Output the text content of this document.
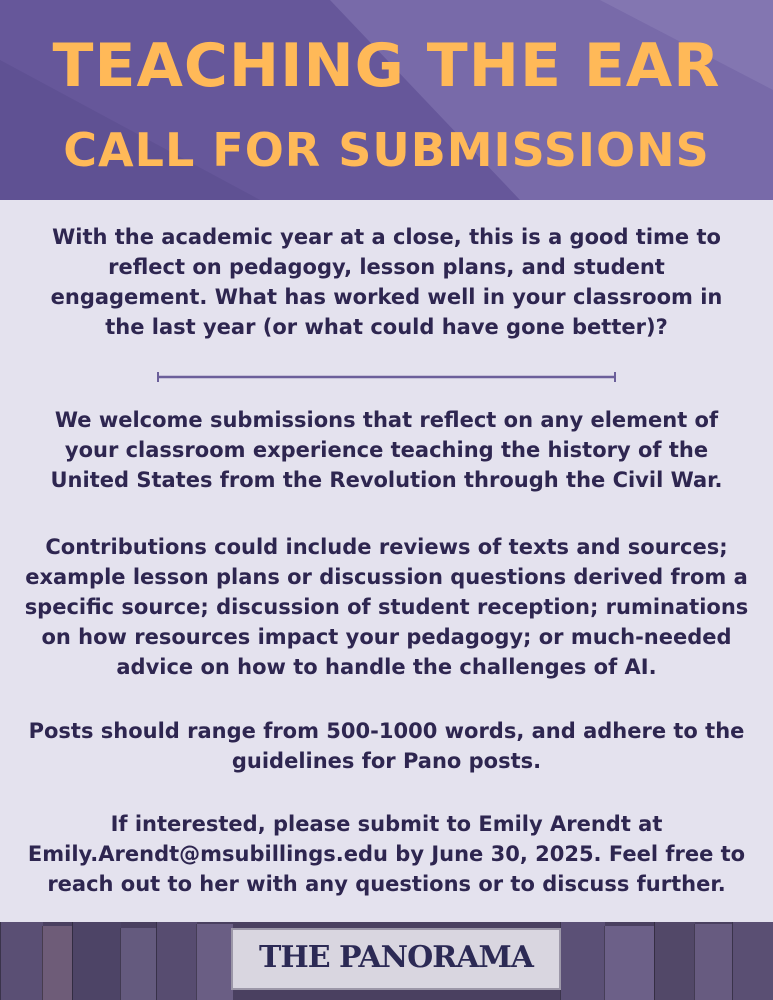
TEACHING THE EAR
CALL FOR SUBMISSIONS
With the academic year at a close, this is a good time to reflect on pedagogy, lesson plans, and student engagement. What has worked well in your classroom in the last year (or what could have gone better)?
We welcome submissions that reflect on any element of your classroom experience teaching the history of the United States from the Revolution through the Civil War.
Contributions could include reviews of texts and sources; example lesson plans or discussion questions derived from a specific source; discussion of student reception; ruminations on how resources impact your pedagogy; or much-needed advice on how to handle the challenges of AI.
Posts should range from 500-1000 words, and adhere to the guidelines for Pano posts.
If interested, please submit to Emily Arendt at Emily.Arendt@msubillings.edu by June 30, 2025. Feel free to reach out to her with any questions or to discuss further.
THE PANORAMA
